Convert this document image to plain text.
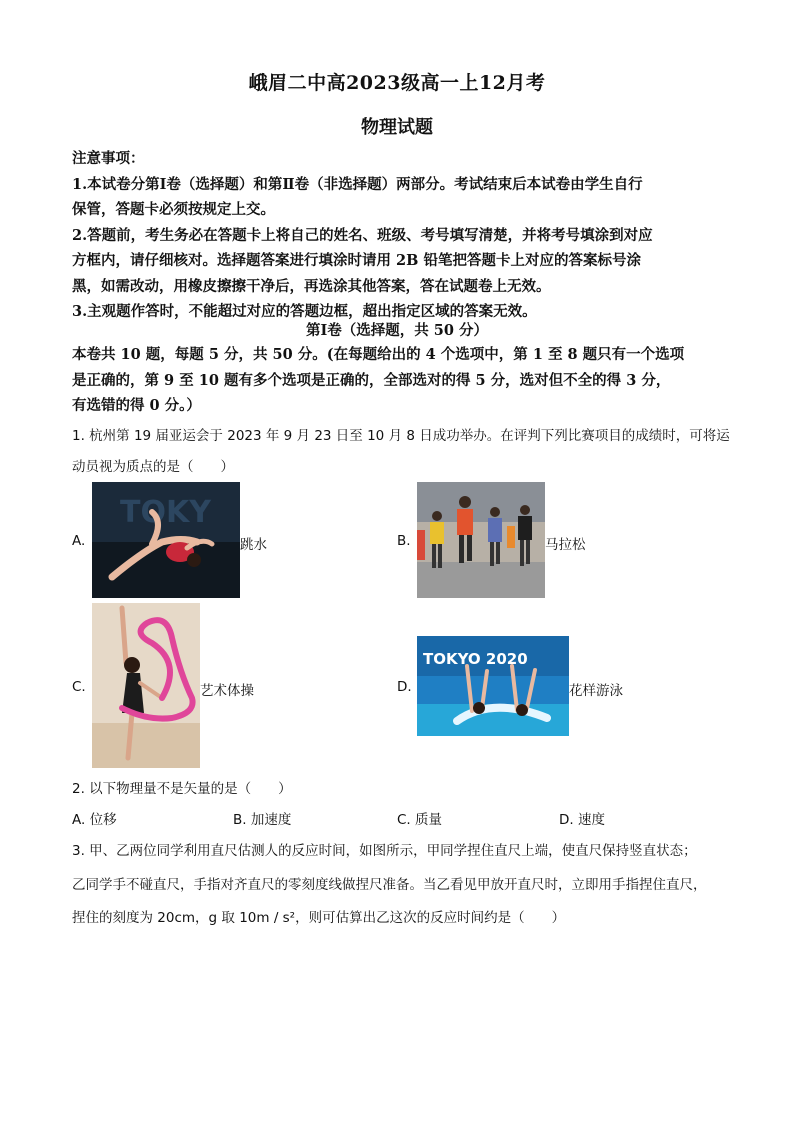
峨眉二中高2023级高一上12月考
物理试题
注意事项：
1.本试卷分第Ⅰ卷（选择题）和第Ⅱ卷（非选择题）两部分。考试结束后本试卷由学生自行
保管，答题卡必须按规定上交。
2.答题前，考生务必在答题卡上将自己的姓名、班级、考号填写清楚，并将考号填涂到对应
方框内，请仔细核对。选择题答案进行填涂时请用 2B 铅笔把答题卡上对应的答案标号涂
黑，如需改动，用橡皮擦擦干净后，再选涂其他答案，答在试题卷上无效。
3.主观题作答时，不能超过对应的答题边框，超出指定区域的答案无效。
第Ⅰ卷（选择题，共 50 分）
本卷共 10 题，每题 5 分，共 50 分。(在每题给出的 4 个选项中，第 1 至 8 题只有一个选项
是正确的，第 9 至 10 题有多个选项是正确的，全部选对的得 5 分，选对但不全的得 3 分，
有选错的得 0 分。）
1. 杭州第 19 届亚运会于 2023 年 9 月 23 日至 10 月 8 日成功举办。在评判下列比赛项目的成绩时，可将运
动员视为质点的是（　　）
A.
TOKY
跳水	B.	马拉松
C.	艺术体操	D.
TOKYO 2020
花样游泳
2. 以下物理量不是矢量的是（　　）
A. 位移	B. 加速度	C. 质量	D. 速度
3. 甲、乙两位同学利用直尺估测人的反应时间，如图所示，甲同学捏住直尺上端，使直尺保持竖直状态；
乙同学手不碰直尺，手指对齐直尺的零刻度线做捏尺准备。当乙看见甲放开直尺时，立即用手指捏住直尺，
捏住的刻度为 20cm，g 取 10m / s²，则可估算出乙这次的反应时间约是（　　）
